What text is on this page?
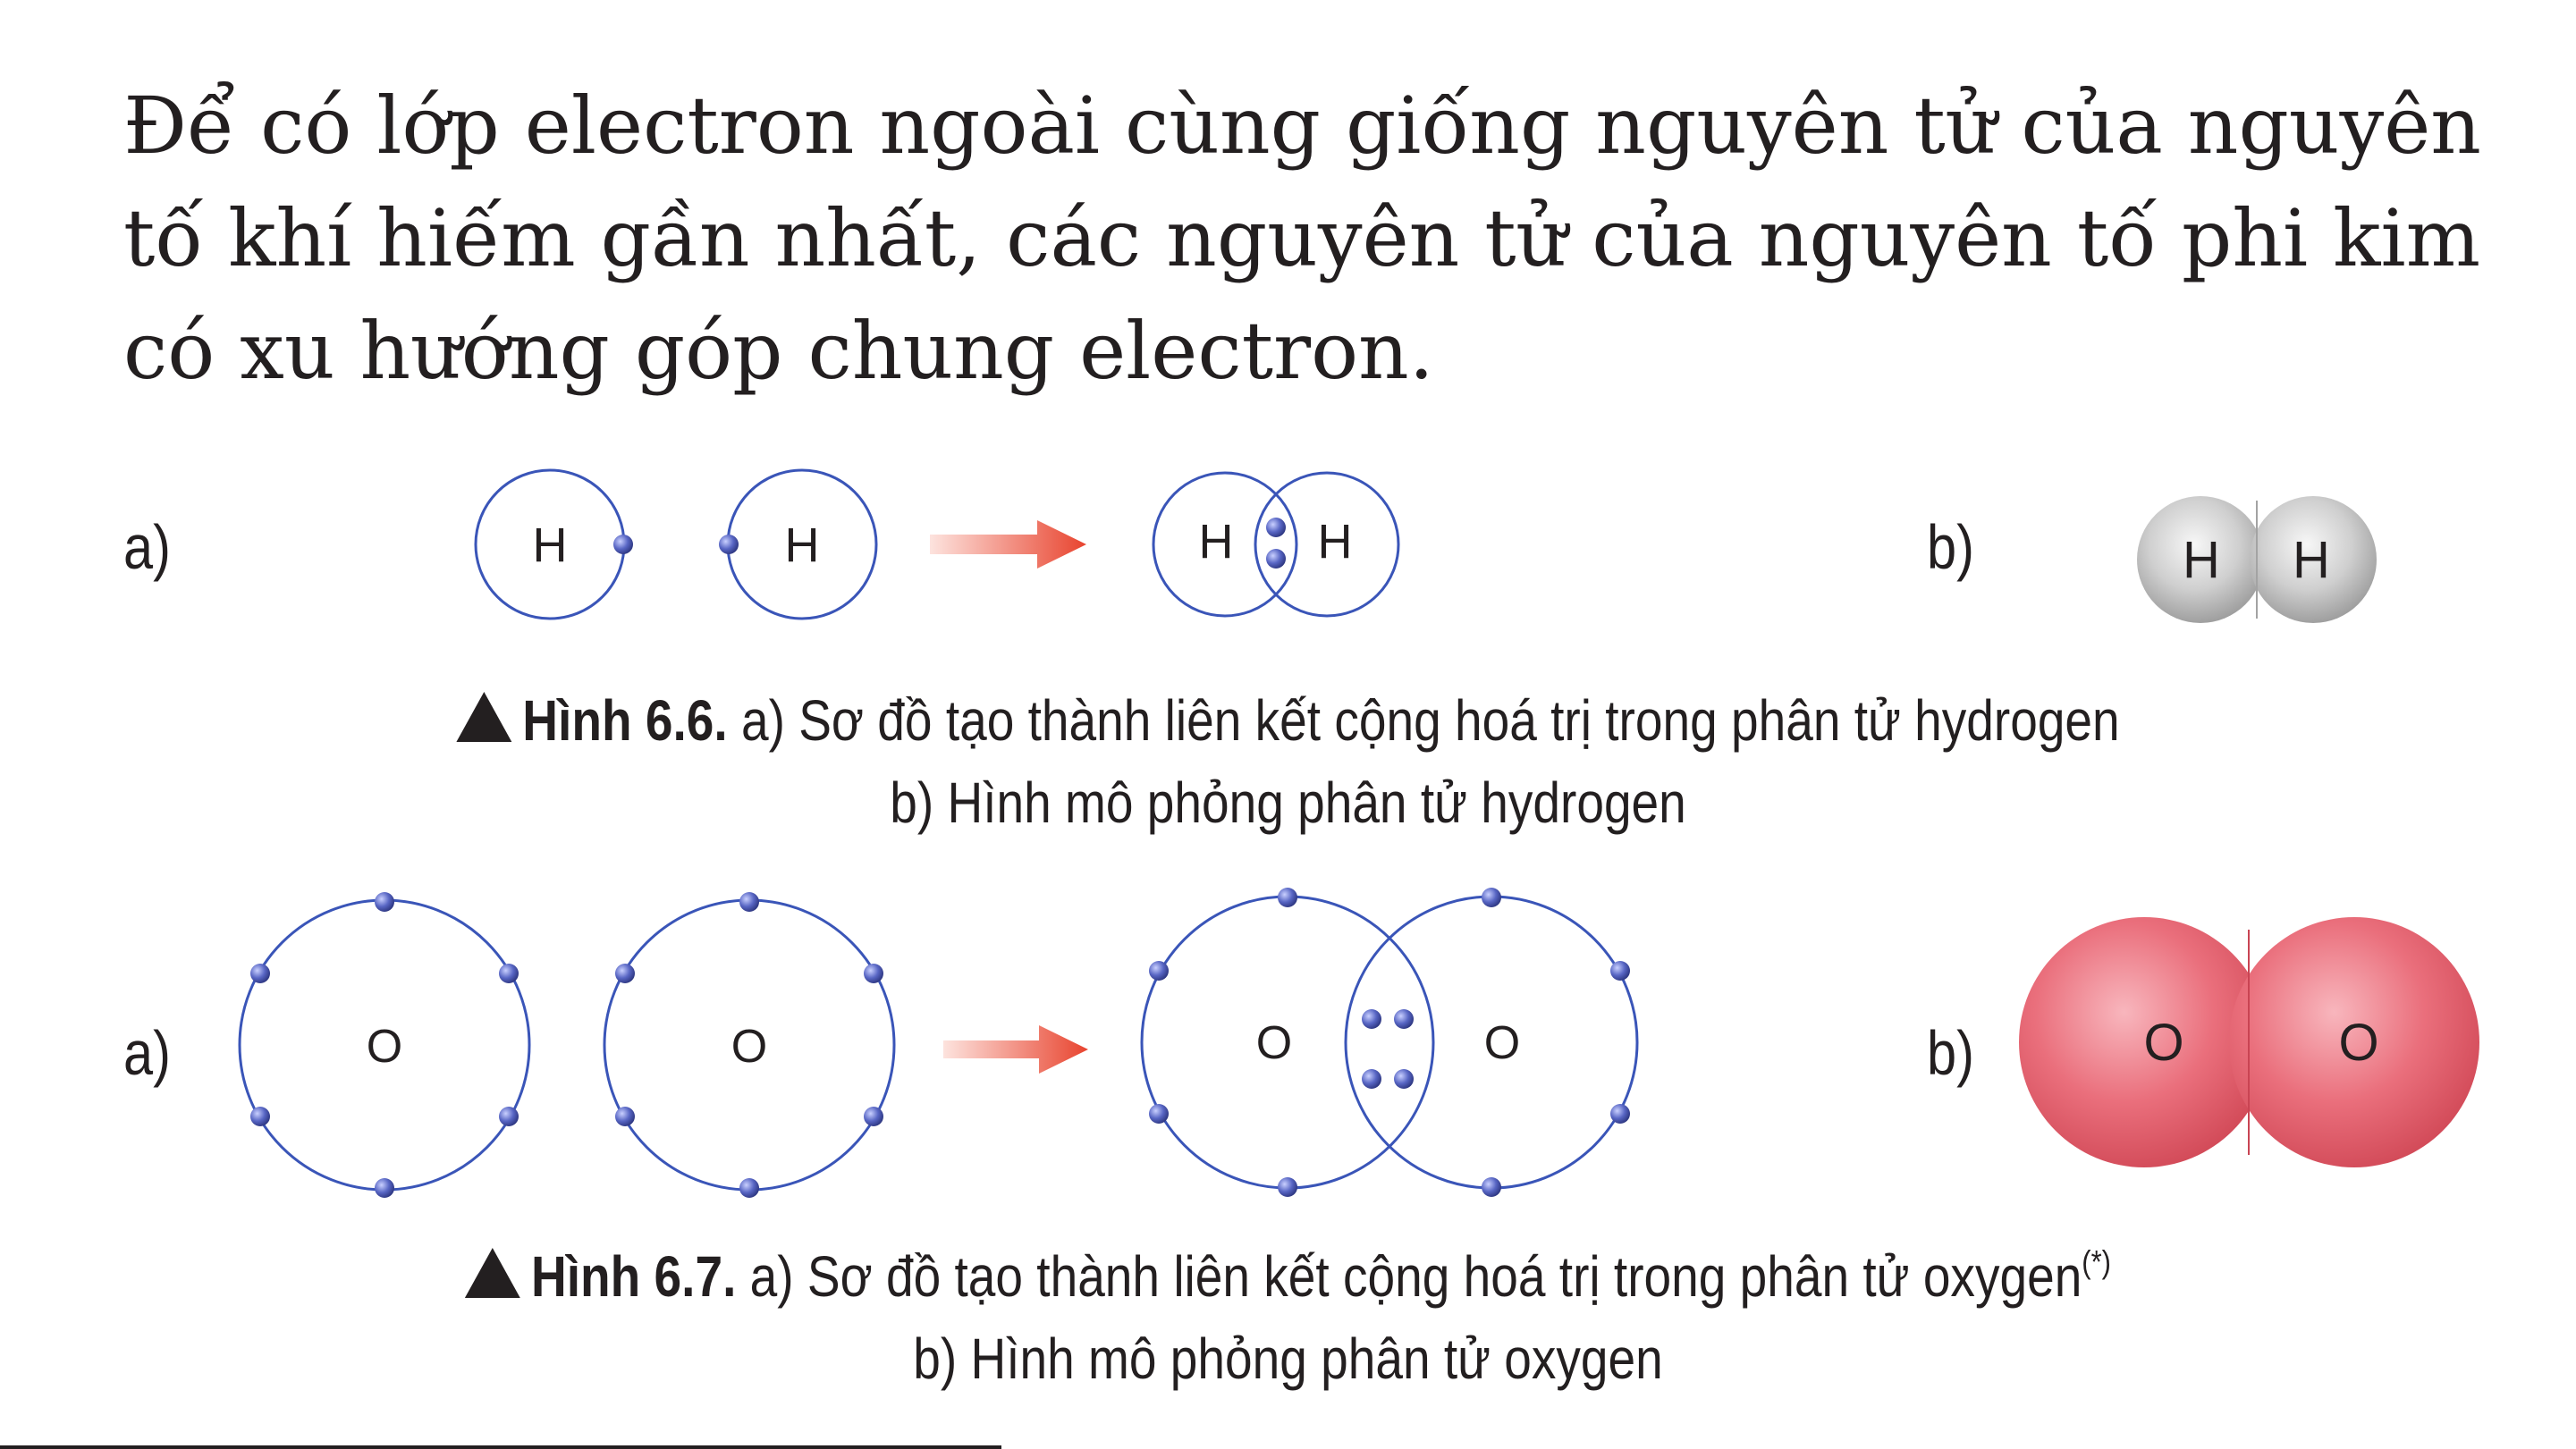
Để có lớp electron ngoài cùng giống nguyên tử của nguyên tố khí hiếm gần nhất, các nguyên tử của nguyên tố phi kim có xu hướng góp chung electron.
a)	b)
a)	b)
H	H	H H	H H
O	O	O	O	O	O
Hình 6.6. a) Sơ đồ tạo thành liên kết cộng hoá trị trong phân tử hydrogen
b) Hình mô phỏng phân tử hydrogen
Hình 6.7. a) Sơ đồ tạo thành liên kết cộng hoá trị trong phân tử oxygen(*)
b) Hình mô phỏng phân tử oxygen
